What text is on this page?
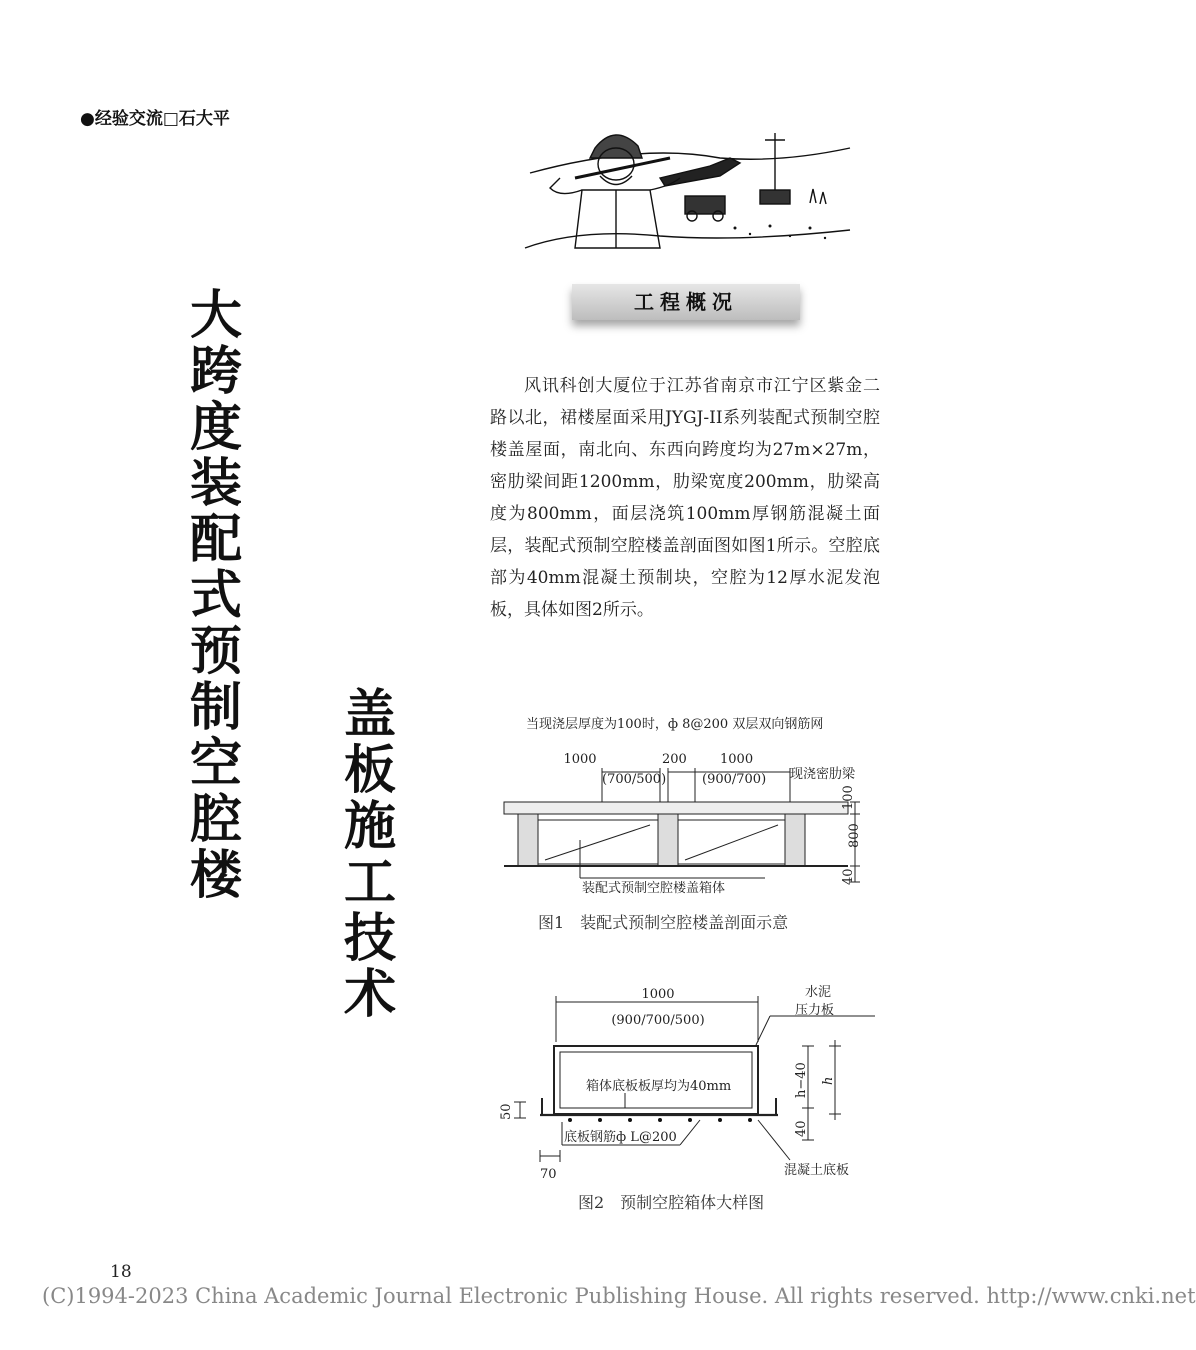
●经验交流□石大平
大
跨
度
装
配
式
预
制
空
腔
楼
盖
板
施
工
技
术
工程概况

风讯科创大厦位于江苏省南京市江宁区紫金二路以北，裙楼屋面采用JYGJ-II系列装配式预制空腔楼盖屋面，南北向、东西向跨度均为27m×27m，密肋梁间距1200mm，肋梁宽度200mm，肋梁高度为800mm，面层浇筑100mm厚钢筋混凝土面层，装配式预制空腔楼盖剖面图如图1所示。空腔底部为40mm混凝土预制块，空腔为12厚水泥发泡板，具体如图2所示。

当现浇层厚度为100时，ф 8@200 双层双向钢筋网
1000
(700/500)
200	1000
(900/700) 现浇密肋梁
100
800
40
装配式预制空腔楼盖箱体
图1　装配式预制空腔楼盖剖面示意
1000
(900/700/500)
水泥
压力板
箱体底板板厚均为40mm	h−40 h
40
50
底板钢筋ф L@200
70	混凝土底板
图2　预制空腔箱体大样图
18
(C)1994-2023 China Academic Journal Electronic Publishing House. All rights reserved. http://www.cnki.net
